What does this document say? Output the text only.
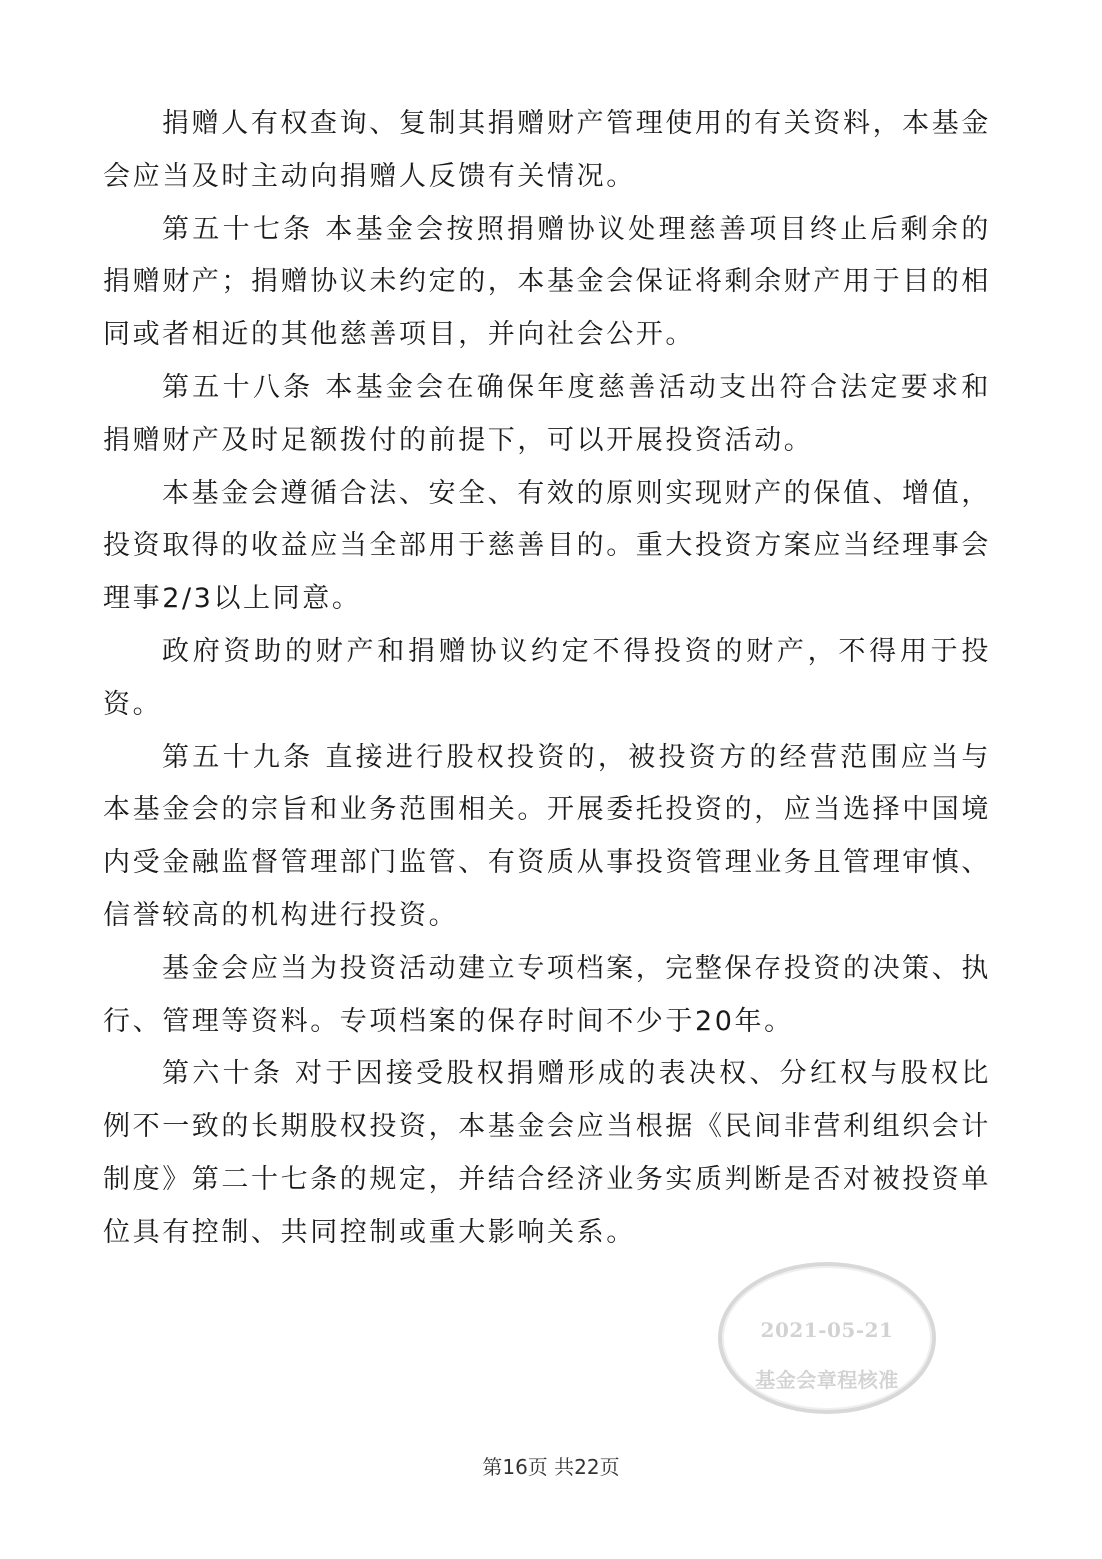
捐赠人有权查询、复制其捐赠财产管理使用的有关资料，本基金会应当及时主动向捐赠人反馈有关情况。

第五十七条 本基金会按照捐赠协议处理慈善项目终止后剩余的捐赠财产；捐赠协议未约定的，本基金会保证将剩余财产用于目的相同或者相近的其他慈善项目，并向社会公开。

第五十八条 本基金会在确保年度慈善活动支出符合法定要求和捐赠财产及时足额拨付的前提下，可以开展投资活动。

本基金会遵循合法、安全、有效的原则实现财产的保值、增值，投资取得的收益应当全部用于慈善目的。重大投资方案应当经理事会理事2/3以上同意。

政府资助的财产和捐赠协议约定不得投资的财产，不得用于投资。

第五十九条 直接进行股权投资的，被投资方的经营范围应当与本基金会的宗旨和业务范围相关。开展委托投资的，应当选择中国境内受金融监督管理部门监管、有资质从事投资管理业务且管理审慎、信誉较高的机构进行投资。

基金会应当为投资活动建立专项档案，完整保存投资的决策、执行、管理等资料。专项档案的保存时间不少于20年。

第六十条 对于因接受股权捐赠形成的表决权、分红权与股权比例不一致的长期股权投资，本基金会应当根据《民间非营利组织会计制度》第二十七条的规定，并结合经济业务实质判断是否对被投资单位具有控制、共同控制或重大影响关系。

2021-05-21
基金会章程核准
第16页 共22页
